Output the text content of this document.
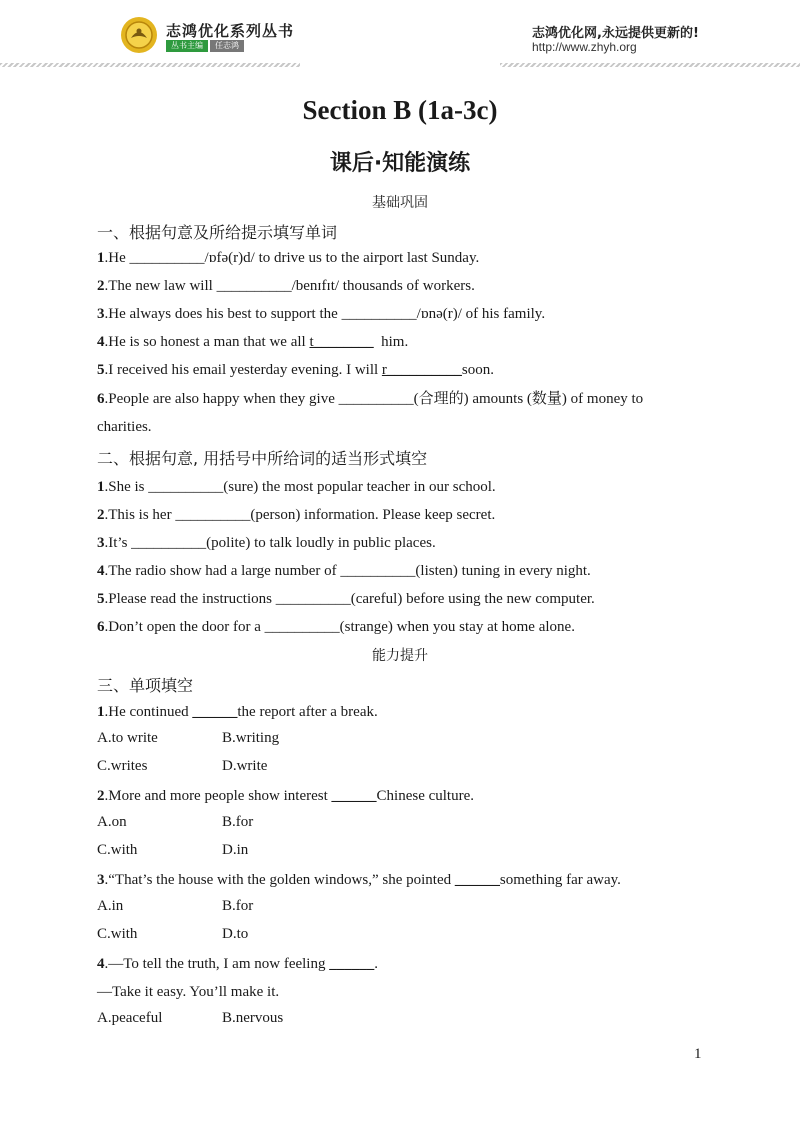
志鸿优化系列丛书
丛书主编	任志鸿
志鸿优化网,永远提供更新的!
http://www.zhyh.org
Section B (1a-3c)
课后·知能演练
基础巩固
一、根据句意及所给提示填写单词
1.He __________/ɒfə(r)d/ to drive us to the airport last Sunday.
2.The new law will __________/benɪfɪt/ thousands of workers.
3.He always does his best to support the __________/ɒnə(r)/ of his family.
4.He is so honest a man that we all t________  him.
5.I received his email yesterday evening. I will r__________soon.
6.People are also happy when they give __________(合理的) amounts (数量) of money to
charities.
二、根据句意, 用括号中所给词的适当形式填空
1.She is __________(sure) the most popular teacher in our school.
2.This is her __________(person) information. Please keep secret.
3.It’s __________(polite) to talk loudly in public places.
4.The radio show had a large number of __________(listen) tuning in every night.
5.Please read the instructions __________(careful) before using the new computer.
6.Don’t open the door for a __________(strange) when you stay at home alone.
能力提升
三、单项填空
1.He continued ______the report after a break.
A.to write	B.writing
C.writes	D.write
2.More and more people show interest ______Chinese culture.
A.on	B.for
C.with	D.in
3.“That’s the house with the golden windows,” she pointed ______something far away.
A.in	B.for
C.with	D.to
4.—To tell the truth, I am now feeling ______.
—Take it easy. You’ll make it.
A.peaceful	B.nervous
1
